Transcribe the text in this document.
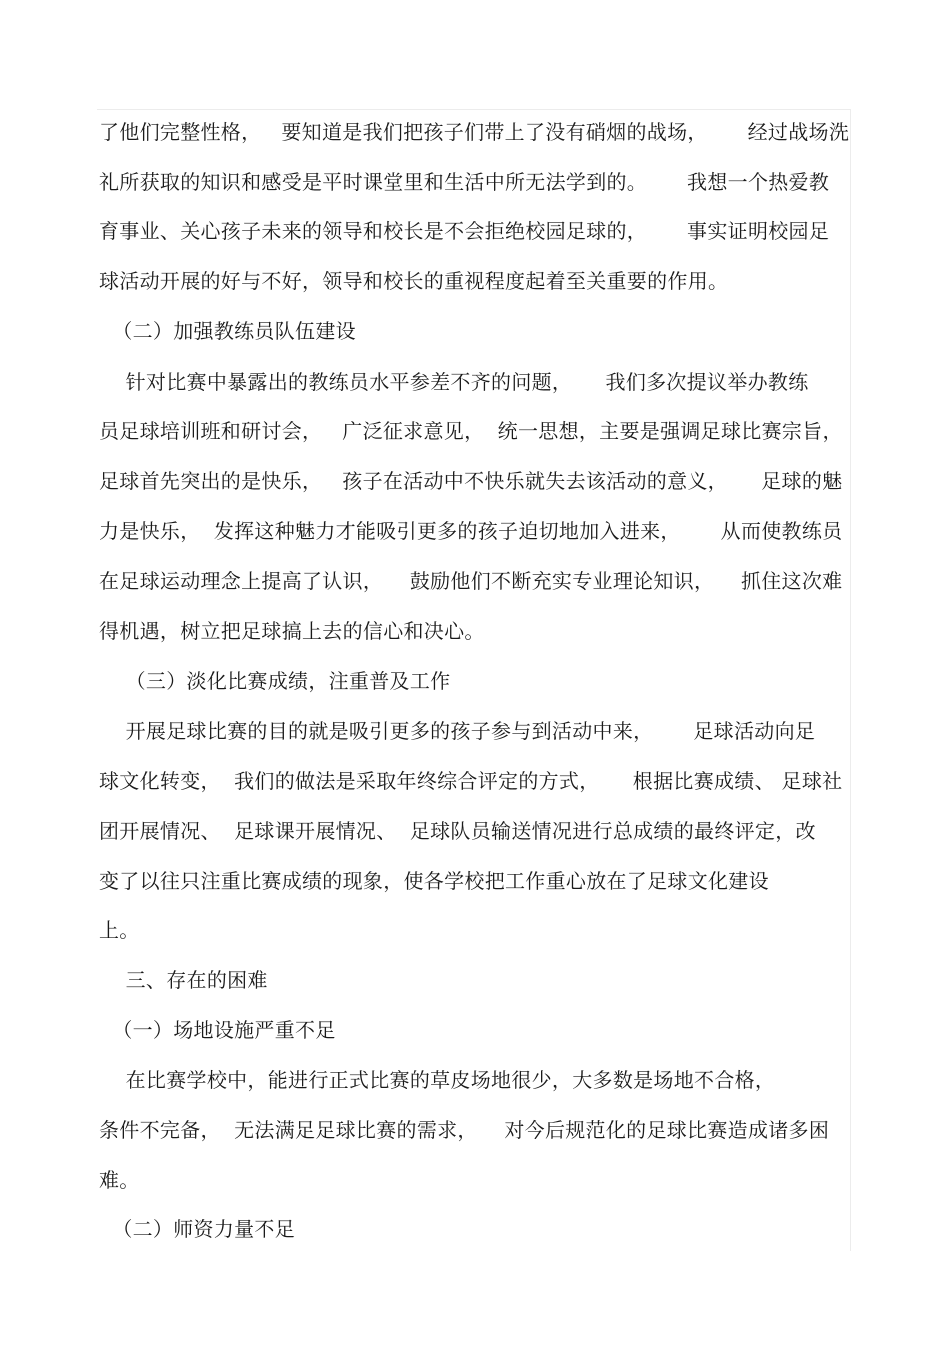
了他们完整性格，   要知道是我们把孩子们带上了没有硝烟的战场，      经过战场洗
礼所获取的知识和感受是平时课堂里和生活中所无法学到的。      我想一个热爱教
育事业、关心孩子未来的领导和校长是不会拒绝校园足球的，      事实证明校园足
球活动开展的好与不好，领导和校长的重视程度起着至关重要的作用。
（二）加强教练员队伍建设
针对比赛中暴露出的教练员水平参差不齐的问题，     我们多次提议举办教练
员足球培训班和研讨会，   广泛征求意见，  统一思想，主要是强调足球比赛宗旨，
足球首先突出的是快乐，   孩子在活动中不快乐就失去该活动的意义，     足球的魅
力是快乐，  发挥这种魅力才能吸引更多的孩子迫切地加入进来，      从而使教练员
在足球运动理念上提高了认识，    鼓励他们不断充实专业理论知识，    抓住这次难
得机遇，树立把足球搞上去的信心和决心。
（三）淡化比赛成绩，注重普及工作
开展足球比赛的目的就是吸引更多的孩子参与到活动中来，      足球活动向足
球文化转变，  我们的做法是采取年终综合评定的方式，     根据比赛成绩、 足球社
团开展情况、  足球课开展情况、  足球队员输送情况进行总成绩的最终评定，改
变了以往只注重比赛成绩的现象，使各学校把工作重心放在了足球文化建设
上。
三、存在的困难
（一）场地设施严重不足
在比赛学校中，能进行正式比赛的草皮场地很少，大多数是场地不合格，
条件不完备，  无法满足足球比赛的需求，    对今后规范化的足球比赛造成诸多困
难。
（二）师资力量不足
